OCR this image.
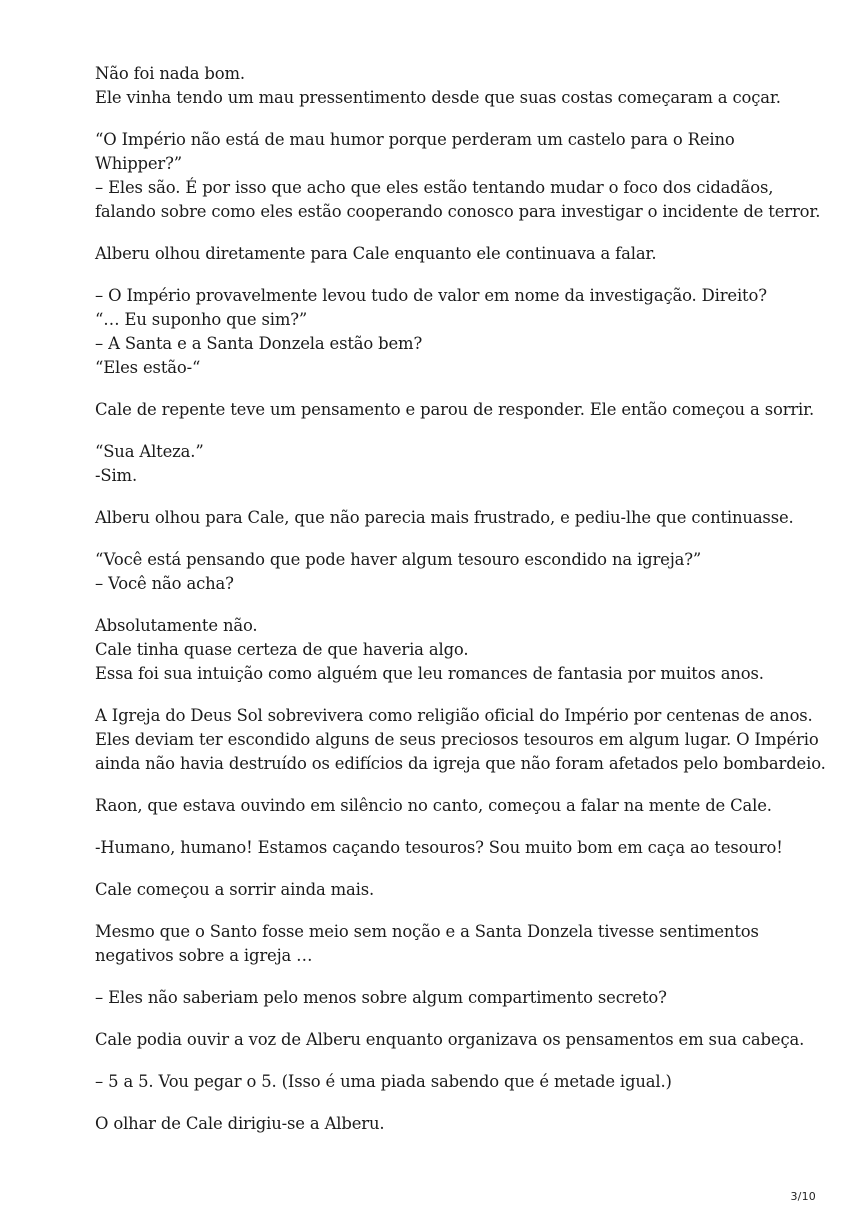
Não foi nada bom.
Ele vinha tendo um mau pressentimento desde que suas costas começaram a coçar.

“O Império não está de mau humor porque perderam um castelo para o Reino
Whipper?”
– Eles são. É por isso que acho que eles estão tentando mudar o foco dos cidadãos,
falando sobre como eles estão cooperando conosco para investigar o incidente de terror.

Alberu olhou diretamente para Cale enquanto ele continuava a falar.

– O Império provavelmente levou tudo de valor em nome da investigação. Direito?
“… Eu suponho que sim?”
– A Santa e a Santa Donzela estão bem?
“Eles estão-“

Cale de repente teve um pensamento e parou de responder. Ele então começou a sorrir.

“Sua Alteza.”
-Sim.

Alberu olhou para Cale, que não parecia mais frustrado, e pediu-lhe que continuasse.

“Você está pensando que pode haver algum tesouro escondido na igreja?”
– Você não acha?

Absolutamente não.
Cale tinha quase certeza de que haveria algo.
Essa foi sua intuição como alguém que leu romances de fantasia por muitos anos.

A Igreja do Deus Sol sobrevivera como religião oficial do Império por centenas de anos.
Eles deviam ter escondido alguns de seus preciosos tesouros em algum lugar. O Império
ainda não havia destruído os edifícios da igreja que não foram afetados pelo bombardeio.

Raon, que estava ouvindo em silêncio no canto, começou a falar na mente de Cale.

-Humano, humano! Estamos caçando tesouros? Sou muito bom em caça ao tesouro!

Cale começou a sorrir ainda mais.

Mesmo que o Santo fosse meio sem noção e a Santa Donzela tivesse sentimentos
negativos sobre a igreja …

– Eles não saberiam pelo menos sobre algum compartimento secreto?

Cale podia ouvir a voz de Alberu enquanto organizava os pensamentos em sua cabeça.

– 5 a 5. Vou pegar o 5. (Isso é uma piada sabendo que é metade igual.)

O olhar de Cale dirigiu-se a Alberu.

3/10
